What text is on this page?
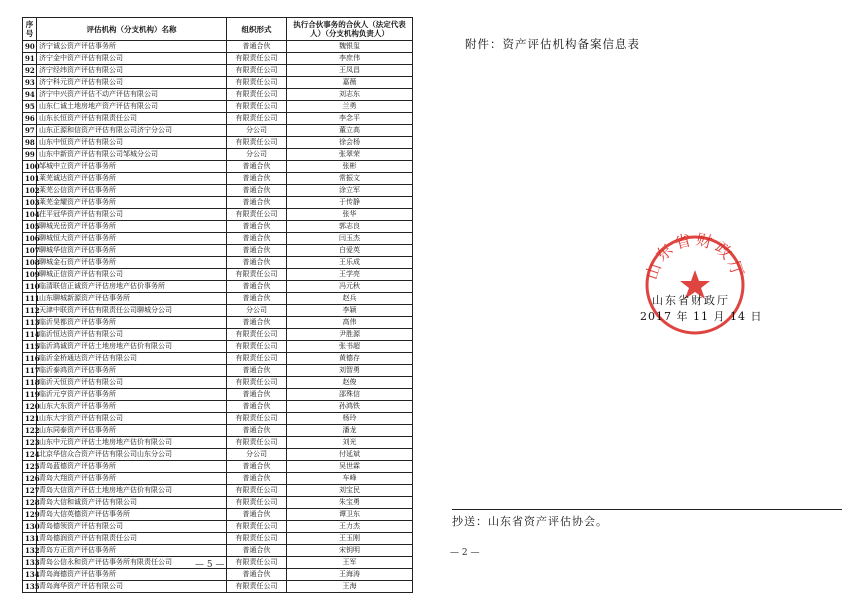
序号	评估机构（分支机构）名称	组织形式	执行合伙事务的合伙人（法定代表人）（分支机构负责人）
90	济宁诚公资产评估事务所	普通合伙	魏银玺
91	济宁金中资产评估有限公司	有限责任公司	李庶伟
92	济宁经纬资产评估有限公司	有限责任公司	王凤昌
93	济宁科元资产评估有限公司	有限责任公司	嘉薇
94	济宁中兴资产评估不动产评估有限公司	有限责任公司	刘志东
95	山东仁诚土地房地产资产评估有限公司	有限责任公司	兰勇
96	山东长恒资产评估有限责任公司	有限责任公司	李念平
97	山东正源和信资产评估有限公司济宁分公司	分公司	董立高
98	山东中恒资产评估有限公司	有限责任公司	徐会杨
99	山东中新资产评估有限公司邹城分公司	分公司	张翠荣
100	邹城中立资产评估事务所	普通合伙	张彬
101	莱芜诚达资产评估事务所	普通合伙	常振文
102	莱芜公信资产评估事务所	普通合伙	涂立军
103	莱芜金耀资产评估事务所	普通合伙	于传静
104	茌平冠华资产评估有限公司	有限责任公司	张华
105	聊城光岳资产评估事务所	普通合伙	郭志良
106	聊城恒大资产评估事务所	普通合伙	闫玉杰
107	聊城华信资产评估事务所	普通合伙	白爱英
108	聊城金石资产评估事务所	普通合伙	王乐成
109	聊城正信资产评估有限公司	有限责任公司	王学亮
110	临清联信正诚资产评估房地产估价事务所	普通合伙	冯元秋
111	山东聊城新源资产评估事务所	普通合伙	赵兵
112	天津中联资产评估有限责任公司聊城分公司	分公司	李颖
113	临沂昊都资产评估事务所	普通合伙	高伟
114	临沂恒达资产评估有限公司	有限责任公司	尹胜源
115	临沂鸿诚资产评估土地房地产估价有限公司	有限责任公司	张书超
116	临沂金桥通达资产评估有限公司	有限责任公司	黄德存
117	临沂泰鸿资产评估事务所	普通合伙	刘智勇
118	临沂天恒资产评估有限公司	有限责任公司	赵俊
119	临沂元亨资产评估事务所	普通合伙	邵殊信
120	山东大东资产评估事务所	普通合伙	孙鸿铁
121	山东大宇资产评估有限公司	有限责任公司	杨玲
122	山东同泰资产评估事务所	普通合伙	潘龙
123	山东中元资产评估土地房地产估价有限公司	有限责任公司	刘光
124	北京华信众合资产评估有限公司山东分公司	分公司	付延斌
125	青岛蓝德资产评估事务所	普通合伙	吴世霖
126	青岛大翔资产评估事务所	普通合伙	车峰
127	青岛大信资产评估土地房地产估价有限公司	有限责任公司	刘宝民
128	青岛大信和诚资产评估有限公司	有限责任公司	朱宝勇
129	青岛大信英德资产评估事务所	普通合伙	谭卫东
130	青岛德领资产评估有限公司	有限责任公司	王力杰
131	青岛德润资产评估有限责任公司	有限责任公司	王玉刚
132	青岛方正资产评估事务所	普通合伙	宋钥明
133	青岛公信永和资产评估事务所有限责任公司	有限责任公司	王军
134	青岛海德资产评估事务所	普通合伙	王海涛
135	青岛海华资产评估有限公司	有限责任公司	王海
— 5 —
附件：资产评估机构备案信息表
山东省财政厅
山东省财政厅
2017 年 11 月 14 日
抄送：山东省资产评估协会。
— 2 —
